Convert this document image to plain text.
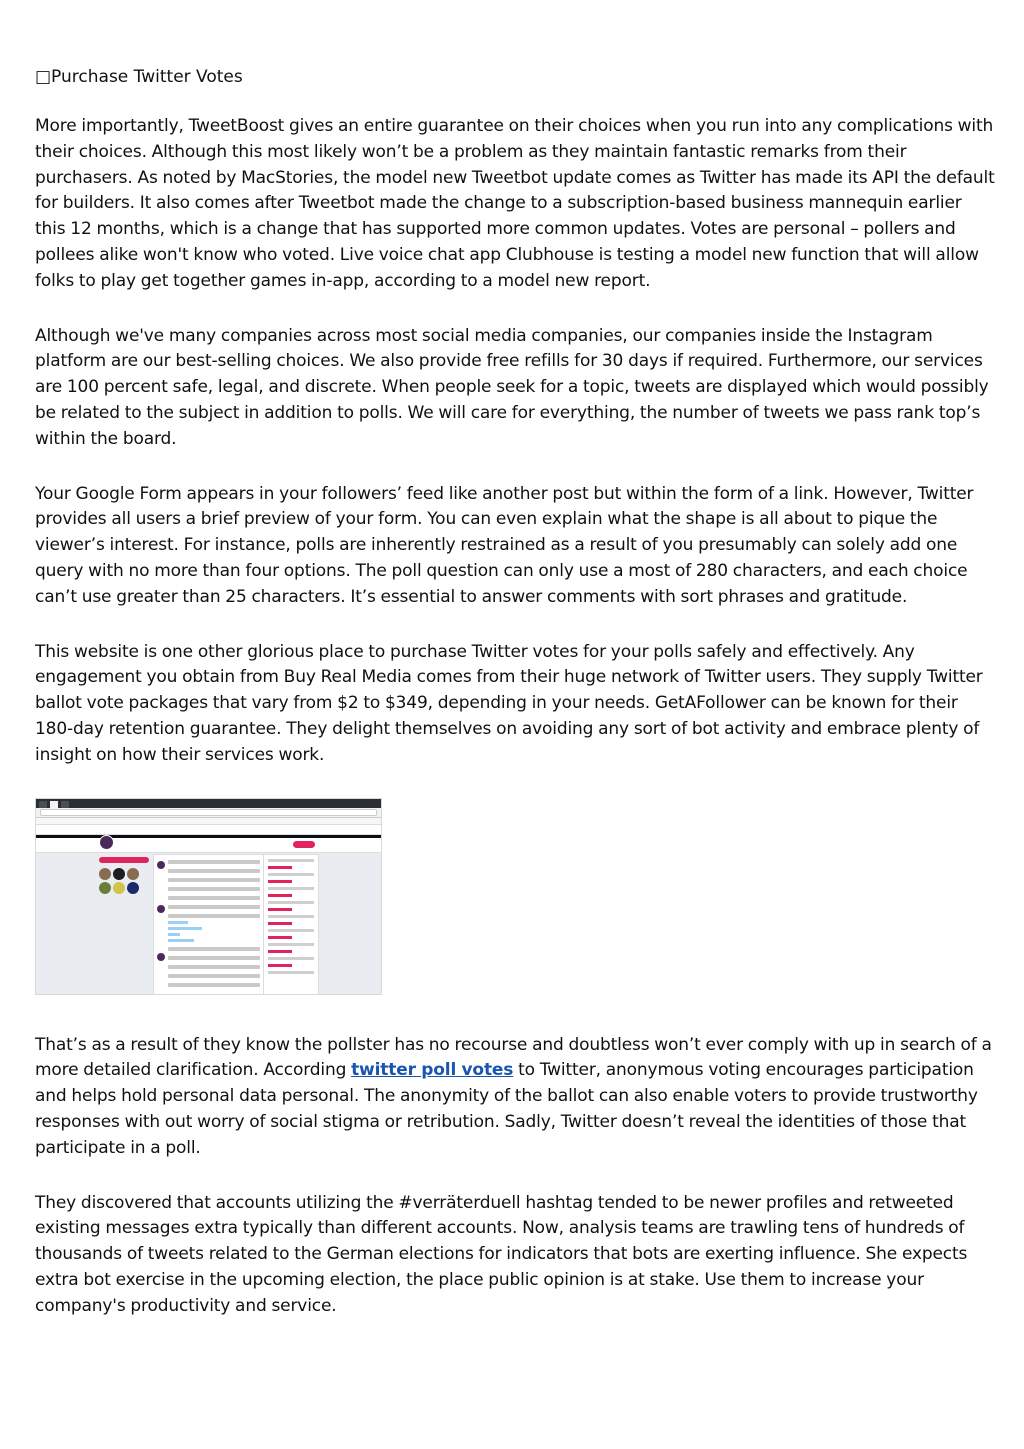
□Purchase Twitter Votes

More importantly, TweetBoost gives an entire guarantee on their choices when you run into any complications with their choices. Although this most likely won’t be a problem as they maintain fantastic remarks from their purchasers. As noted by MacStories, the model new Tweetbot update comes as Twitter has made its API the default for builders. It also comes after Tweetbot made the change to a subscription-based business mannequin earlier this 12 months, which is a change that has supported more common updates. Votes are personal – pollers and pollees alike won't know who voted. Live voice chat app Clubhouse is testing a model new function that will allow folks to play get together games in-app, according to a model new report.

Although we've many companies across most social media companies, our companies inside the Instagram platform are our best-selling choices. We also provide free refills for 30 days if required. Furthermore, our services are 100 percent safe, legal, and discrete. When people seek for a topic, tweets are displayed which would possibly be related to the subject in addition to polls. We will care for everything, the number of tweets we pass rank top’s within the board.

Your Google Form appears in your followers’ feed like another post but within the form of a link. However, Twitter provides all users a brief preview of your form. You can even explain what the shape is all about to pique the viewer’s interest. For instance, polls are inherently restrained as a result of you presumably can solely add one query with no more than four options. The poll question can only use a most of 280 characters, and each choice can’t use greater than 25 characters. It’s essential to answer comments with sort phrases and gratitude.

This website is one other glorious place to purchase Twitter votes for your polls safely and effectively. Any engagement you obtain from Buy Real Media comes from their huge network of Twitter users. They supply Twitter ballot vote packages that vary from $2 to $349, depending in your needs. GetAFollower can be known for their 180-day retention guarantee. They delight themselves on avoiding any sort of bot activity and embrace plenty of insight on how their services work.

That’s as a result of they know the pollster has no recourse and doubtless won’t ever comply with up in search of a more detailed clarification. According twitter poll votes to Twitter, anonymous voting encourages participation and helps hold personal data personal. The anonymity of the ballot can also enable voters to provide trustworthy responses with out worry of social stigma or retribution. Sadly, Twitter doesn’t reveal the identities of those that participate in a poll.

They discovered that accounts utilizing the #verräterduell hashtag tended to be newer profiles and retweeted existing messages extra typically than different accounts. Now, analysis teams are trawling tens of hundreds of thousands of tweets related to the German elections for indicators that bots are exerting influence. She expects extra bot exercise in the upcoming election, the place public opinion is at stake. Use them to increase your company's productivity and service.
